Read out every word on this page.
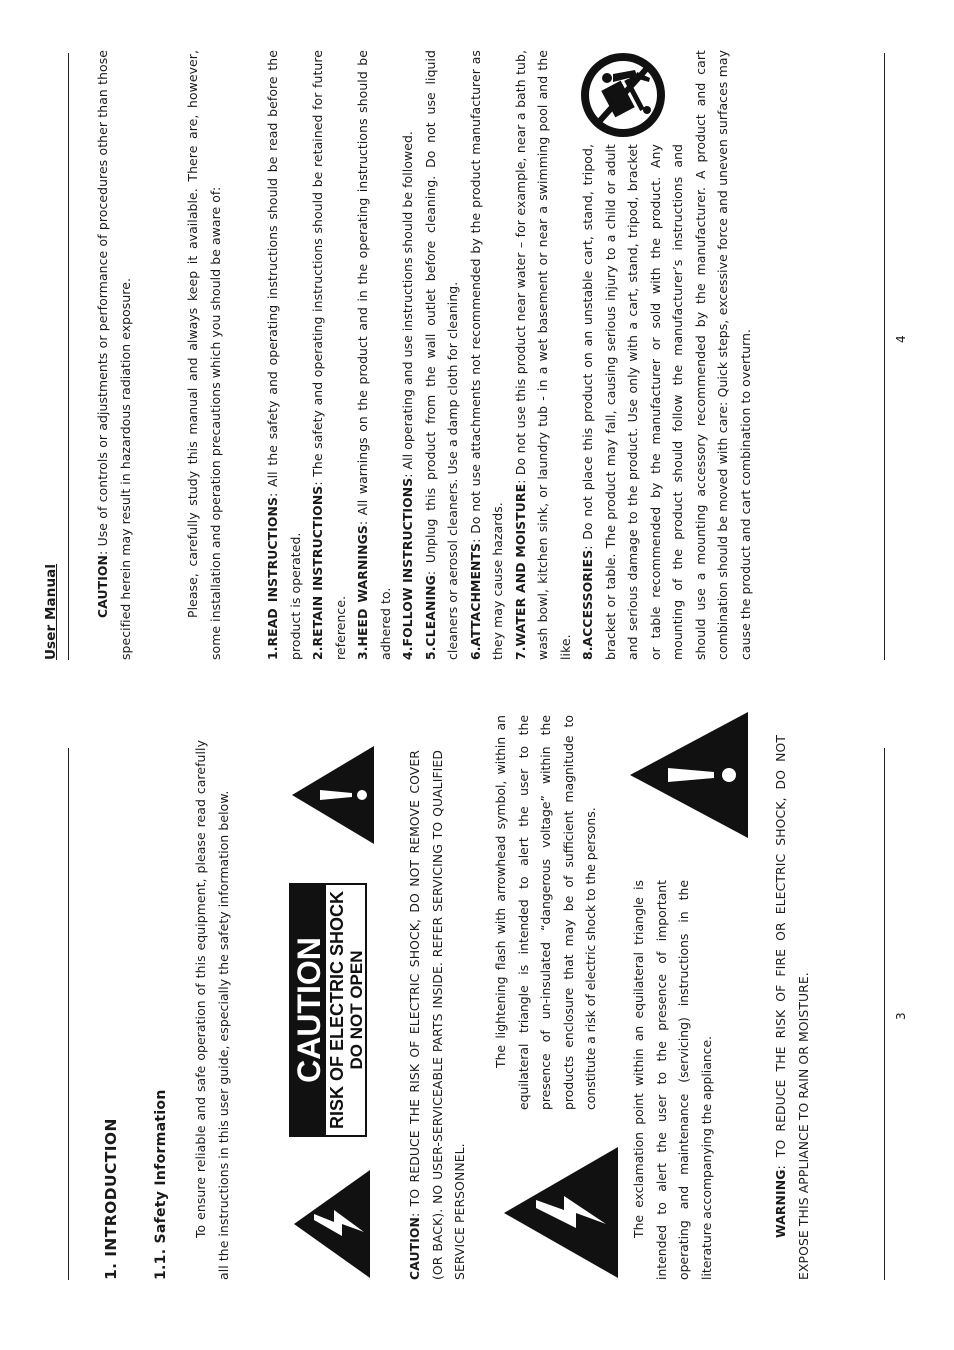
1. INTRODUCTION 1.1. Safety Information To ensure reliable and safe operation of this equipment, please read carefully all the instructions in this user guide, especially the safety information below. CAUTION RISK OF ELECTRIC SHOCK DO NOT OPEN
CAUTION: TO REDUCE THE RISK OF ELECTRIC SHOCK, DO NOT REMOVE COVER (OR BACK). NO USER-SERVICEABLE PARTS INSIDE. REFER SERVICING TO QUALIFIED SERVICE PERSONNEL.
The lightening flash with arrowhead symbol, within an equilateral triangle is intended to alert the user to the presence of un-insulated “dangerous voltage” within the products enclosure that may be of sufficient magnitude to constitute a risk of electric shock to the persons.	The exclamation point within an equilateral triangle is intended to alert the user to the presence of important operating and maintenance (servicing) instructions in the literature accompanying the appliance.	WARNING: TO REDUCE THE RISK OF FIRE OR ELECTRIC SHOCK, DO NOT EXPOSE THIS APPLIANCE TO RAIN OR MOISTURE.	3
User Manual	CAUTION: Use of controls or adjustments or performance of procedures other than those specified herein may result in hazardous radiation exposure.	Please, carefully study this manual and always keep it available. There are, however, some installation and operation precautions which you should be aware of:	1.READ INSTRUCTIONS: All the safety and operating instructions should be read before the product is operated. 2.RETAIN INSTRUCTIONS: The safety and operating instructions should be retained for future reference. 3.HEED WARNINGS: All warnings on the product and in the operating instructions should be adhered to. 4.FOLLOW INSTRUCTIONS: All operating and use instructions should be followed.

5.CLEANING: Unplug this product from the wall outlet before cleaning. Do not use liquid cleaners or aerosol cleaners. Use a damp cloth for cleaning. 6.ATTACHMENTS: Do not use attachments not recommended by the product manufacturer as they may cause hazards. 7.WATER AND MOISTURE: Do not use this product near water – for example, near a bath tub, wash bowl, kitchen sink, or laundry tub - in a wet basement or near a swimming pool and the like. 8.ACCESSORIES: Do not place this product on an unstable cart, stand, tripod, bracket or table. The product may fall, causing serious injury to a child or adult and serious damage to the product. Use only with a cart, stand, tripod, bracket or table recommended by the manufacturer or sold with the product. Any mounting of the product should follow the manufacturer’s instructions and should use a mounting accessory recommended by the manufacturer. A product and cart combination should be moved with care: Quick steps, excessive force and uneven surfaces may cause the product and cart combination to overturn.	4
